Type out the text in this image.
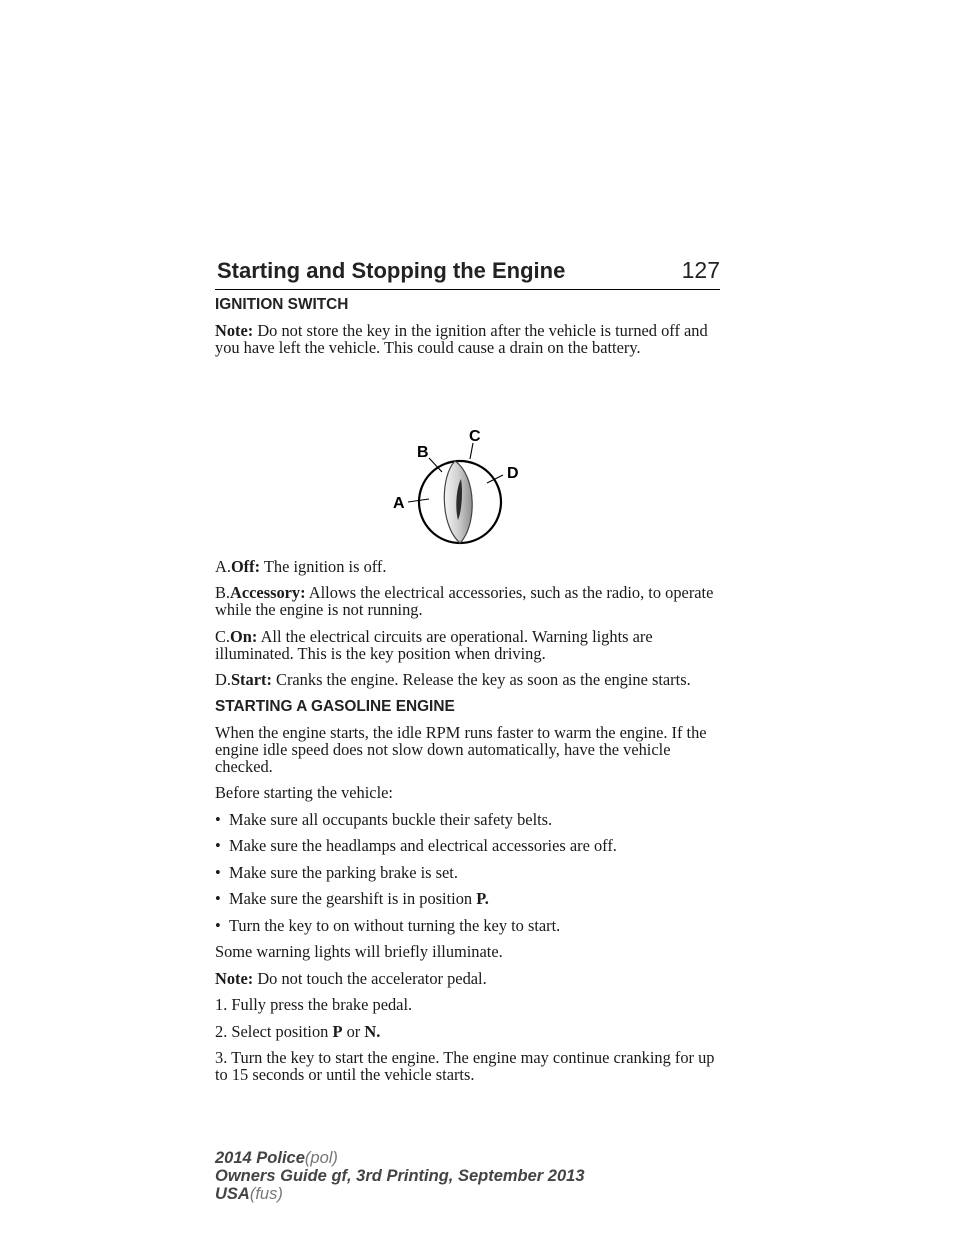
Starting and Stopping the Engine	127
IGNITION SWITCH

Note: Do not store the key in the ignition after the vehicle is turned off and you have left the vehicle. This could cause a drain on the battery.

A
B
C
D

A.Off: The ignition is off.

B.Accessory: Allows the electrical accessories, such as the radio, to operate while the engine is not running.

C.On: All the electrical circuits are operational. Warning lights are illuminated. This is the key position when driving.

D.Start: Cranks the engine. Release the key as soon as the engine starts.

STARTING A GASOLINE ENGINE

When the engine starts, the idle RPM runs faster to warm the engine. If the engine idle speed does not slow down automatically, have the vehicle checked.

Before starting the vehicle:

• Make sure all occupants buckle their safety belts.
• Make sure the headlamps and electrical accessories are off.
• Make sure the parking brake is set.
• Make sure the gearshift is in position P.
• Turn the key to on without turning the key to start.

Some warning lights will briefly illuminate.

Note: Do not touch the accelerator pedal.

1. Fully press the brake pedal.

2. Select position P or N.

3. Turn the key to start the engine. The engine may continue cranking for up to 15 seconds or until the vehicle starts.

2014 Police(pol)
Owners Guide gf, 3rd Printing, September 2013
USA(fus)
